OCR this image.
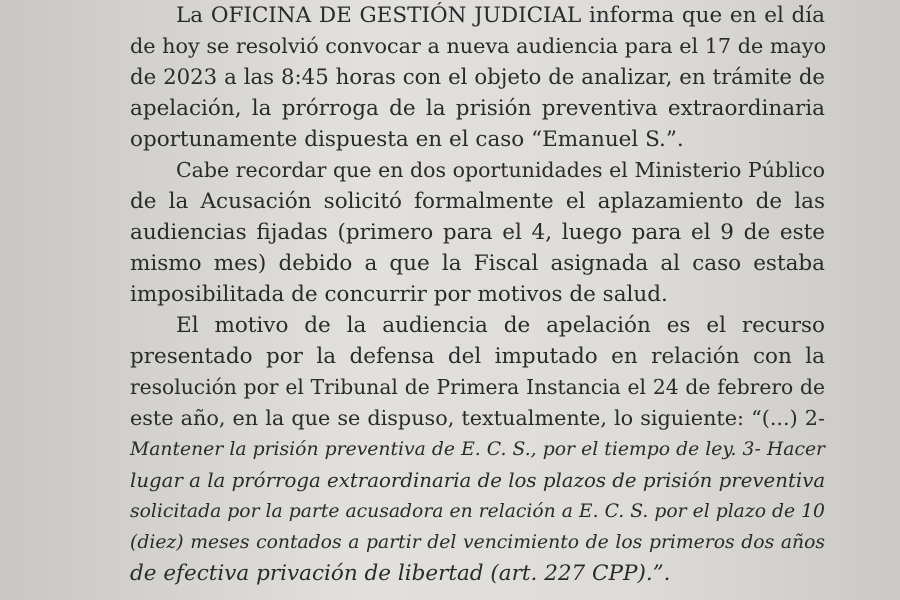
La OFICINA DE GESTIÓN JUDICIAL informa que en el día
de hoy se resolvió convocar a nueva audiencia para el 17 de mayo
de 2023 a las 8:45 horas con el objeto de analizar, en trámite de
apelación, la prórroga de la prisión preventiva extraordinaria
oportunamente dispuesta en el caso “Emanuel S.”.
Cabe recordar que en dos oportunidades el Ministerio Público
de la Acusación solicitó formalmente el aplazamiento de las
audiencias fijadas (primero para el 4, luego para el 9 de este
mismo mes) debido a que la Fiscal asignada al caso estaba
imposibilitada de concurrir por motivos de salud.
El motivo de la audiencia de apelación es el recurso
presentado por la defensa del imputado en relación con la
resolución por el Tribunal de Primera Instancia el 24 de febrero de
este año, en la que se dispuso, textualmente, lo siguiente: “(...) 2-
Mantener la prisión preventiva de E. C. S., por el tiempo de ley. 3- Hacer
lugar a la prórroga extraordinaria de los plazos de prisión preventiva
solicitada por la parte acusadora en relación a E. C. S. por el plazo de 10
(diez) meses contados a partir del vencimiento de los primeros dos años
de efectiva privación de libertad (art. 227 CPP).”.
